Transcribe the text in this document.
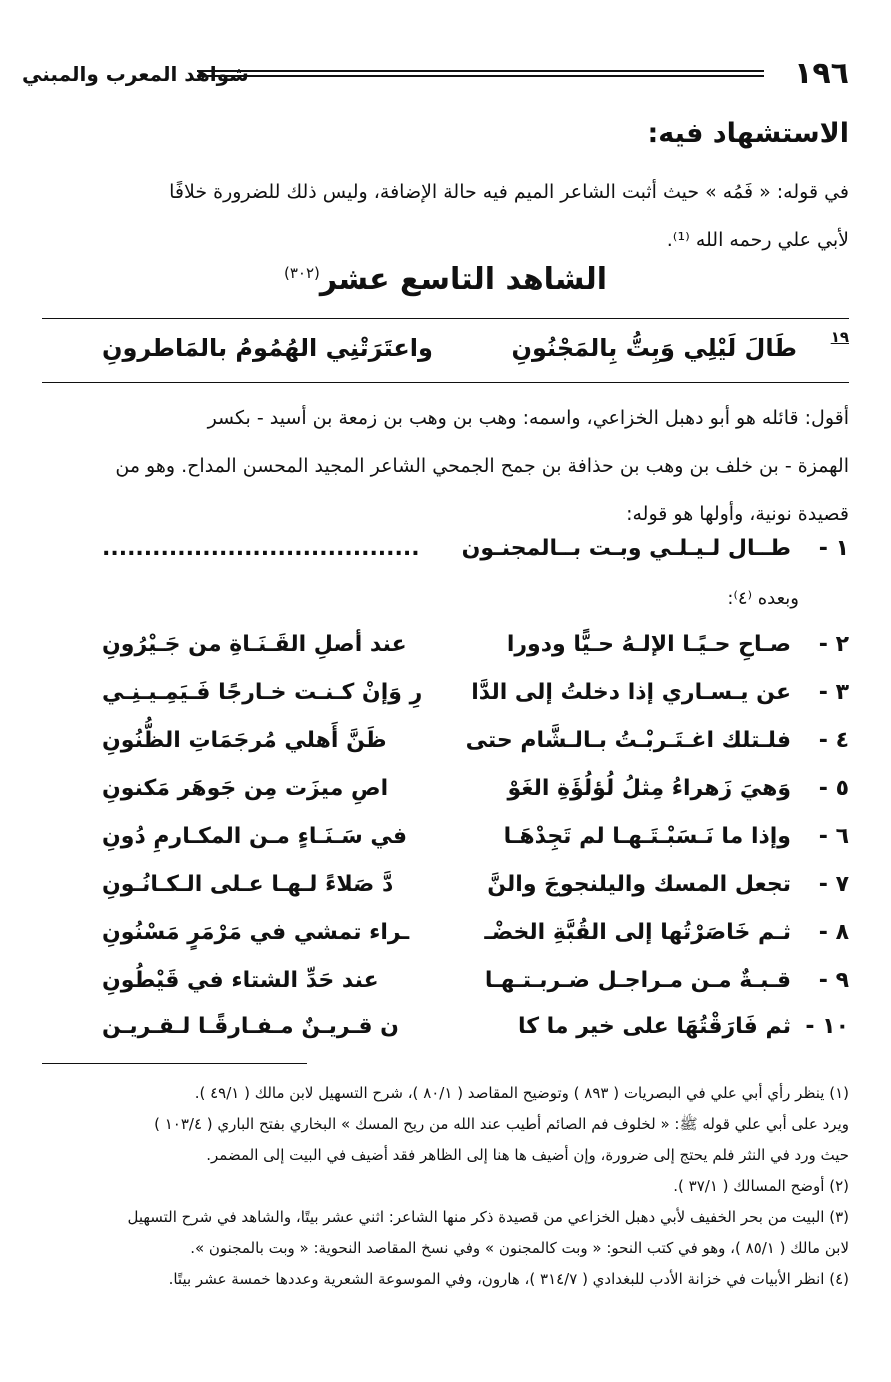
١٩٦
شواهد المعرب والمبني
الاستشهاد فيه:
في قوله: « فَمُه » حيث أثبت الشاعر الميم فيه حالة الإضافة، وليس ذلك للضرورة خلافًا
لأبي علي رحمه الله ⁽¹⁾.
الشاهد التاسع عشر$^{(٣٠٢)}$
١٩
طَالَ لَيْلِي وَبِتُّ بِالمَجْنُونِ
واعتَرَتْنِي الهُمُومُ بالمَاطرونِ
أقول: قائله هو أبو دهبل الخزاعي، واسمه: وهب بن وهب بن زمعة بن أسيد - بكسر
الهمزة - بن خلف بن وهب بن حذافة بن جمح الجمحي الشاعر المجيد المحسن المداح. وهو من
قصيدة نونية، وأولها هو قوله:
١ -
طــال لـيـلـي وبـت بــالمجنـون
......................................
وبعده ⁽٤⁾:
٢ -
صـاحِ حـيًـا الإلـهُ حـيًّا ودورا
عند أصلِ القَـنَـاةِ من جَـيْرُونِ
٣ -
عن يـسـاري إذا دخلتُ إلى الدَّا
رِ وَإنْ كـنـت خـارجًا فَـيَمِـيـنِـي
٤ -
فلـتلك اغـتَـربْـتُ بـالـشَّام حتى
ظَنَّ أَهلي مُرجَمَاتِ الظُّنُونِ
٥ -
وَهيَ زَهراءُ مِثلُ لُؤلُؤَةِ الغَوْ
اصِ ميزَت مِن جَوهَر مَكنونِ
٦ -
وإذا ما نَـسَبْـتَـهـا لم تَجِدْهَـا
في سَـنَـاءٍ مـن المكـارمِ دُونِ
٧ -
تجعل المسك واليلنجوجَ والنَّ
دَّ صَلاءً لـهـا عـلى الـكـانُـونِ
٨ -
ثـم خَاصَرْتُها إلى القُبَّةِ الخضْـ
ـراء تمشي في مَرْمَرٍ مَسْنُونِ
٩ -
قـبـةٌ مـن مـراجـل ضـربـتـهـا
عند حَدِّ الشتاء في قَيْطُونِ
١٠ -
ثم فَارَقْتُهَا على خير ما كا
ن قـريـنٌ مـفـارقًـا لـقـريـن

(١) ينظر رأي أبي علي في البصريات ( ٨٩٣ ) وتوضيح المقاصد ( ٨٠/١ )، شرح التسهيل لابن مالك ( ٤٩/١ ).

ويرد على أبي علي قوله ﷺ: « لخلوف فم الصائم أطيب عند الله من ريح المسك » البخاري بفتح الباري ( ١٠٣/٤ )

حيث ورد في النثر فلم يحتج إلى ضرورة، وإن أضيف ها هنا إلى الظاهر فقد أضيف في البيت إلى المضمر.

(٢) أوضح المسالك ( ٣٧/١ ).

(٣) البيت من بحر الخفيف لأبي دهبل الخزاعي من قصيدة ذكر منها الشاعر: اثني عشر بيتًا، والشاهد في شرح التسهيل

لابن مالك ( ٨٥/١ )، وهو في كتب النحو: « وبت كالمجنون » وفي نسخ المقاصد النحوية: « وبت بالمجنون ».

(٤) انظر الأبيات في خزانة الأدب للبغدادي ( ٣١٤/٧ )، هارون، وفي الموسوعة الشعرية وعددها خمسة عشر بيتًا.
